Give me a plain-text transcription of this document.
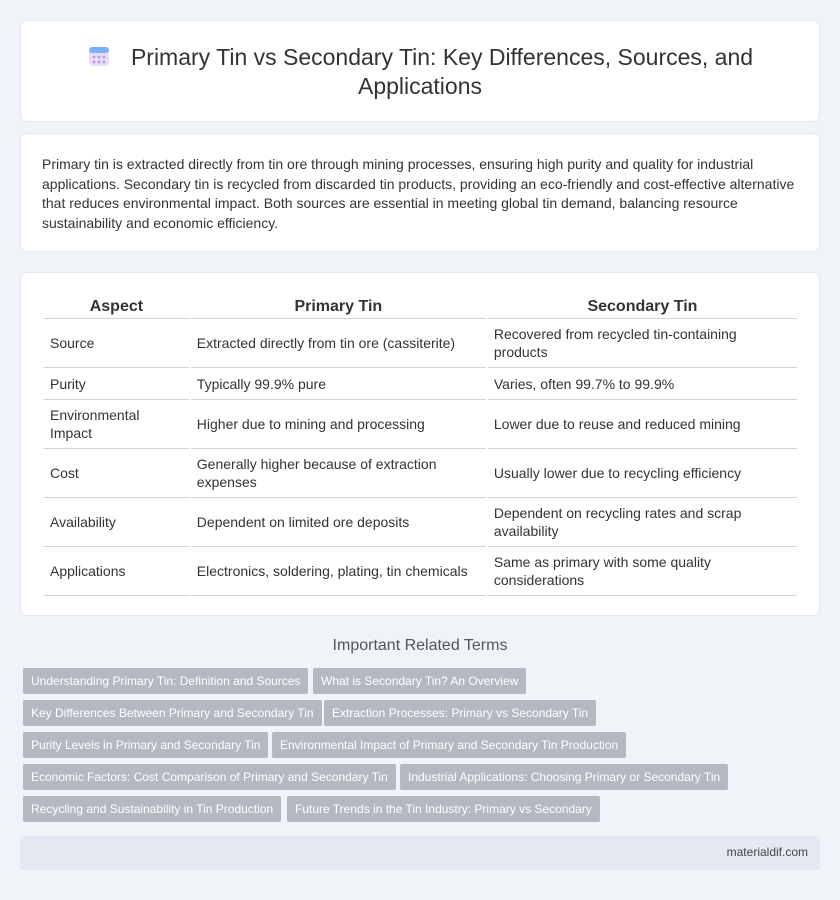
Primary Tin vs Secondary Tin: Key Differences, Sources, and Applications

Primary tin is extracted directly from tin ore through mining processes, ensuring high purity and quality for industrial applications. Secondary tin is recycled from discarded tin products, providing an eco-friendly and cost-effective alternative that reduces environmental impact. Both sources are essential in meeting global tin demand, balancing resource sustainability and economic efficiency.

Aspect	Primary Tin	Secondary Tin
Source	Extracted directly from tin ore (cassiterite)	Recovered from recycled tin-containing products
Purity	Typically 99.9% pure	Varies, often 99.7% to 99.9%
Environmental Impact	Higher due to mining and processing	Lower due to reuse and reduced mining
Cost	Generally higher because of extraction expenses	Usually lower due to recycling efficiency
Availability	Dependent on limited ore deposits	Dependent on recycling rates and scrap availability
Applications	Electronics, soldering, plating, tin chemicals	Same as primary with some quality considerations
Important Related Terms
Understanding Primary Tin: Definition and Sources	What is Secondary Tin? An Overview
Key Differences Between Primary and Secondary Tin	Extraction Processes: Primary vs Secondary Tin
Purity Levels in Primary and Secondary Tin	Environmental Impact of Primary and Secondary Tin Production
Economic Factors: Cost Comparison of Primary and Secondary Tin	Industrial Applications: Choosing Primary or Secondary Tin
Recycling and Sustainability in Tin Production	Future Trends in the Tin Industry: Primary vs Secondary
materialdif.com
